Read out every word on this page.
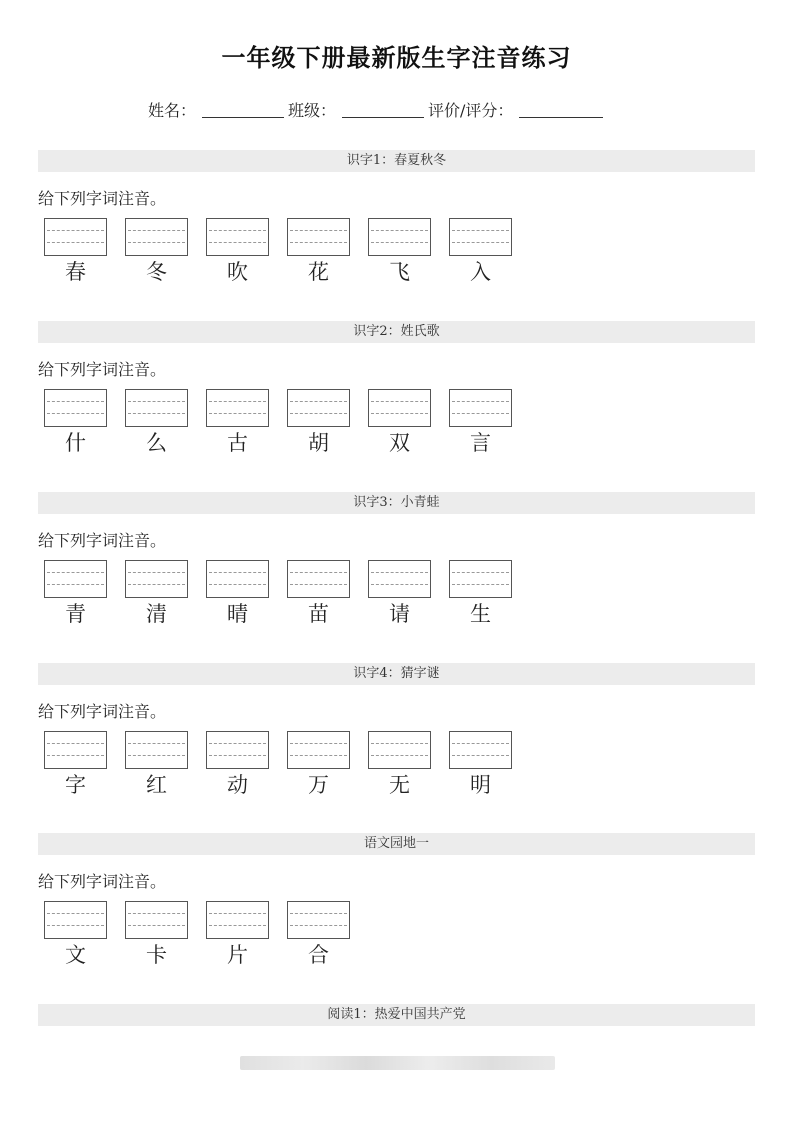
一年级下册最新版生字注音练习
姓名：	班级：	评价/评分：
识字1：春夏秋冬
给下列字词注音。
春	冬	吹	花	飞	入
识字2：姓氏歌
给下列字词注音。
什	么	古	胡	双	言
识字3：小青蛙
给下列字词注音。
青	清	晴	苗	请	生
识字4：猜字谜
给下列字词注音。
字	红	动	万	无	明
语文园地一
给下列字词注音。
文	卡	片	合
阅读1：热爱中国共产党
